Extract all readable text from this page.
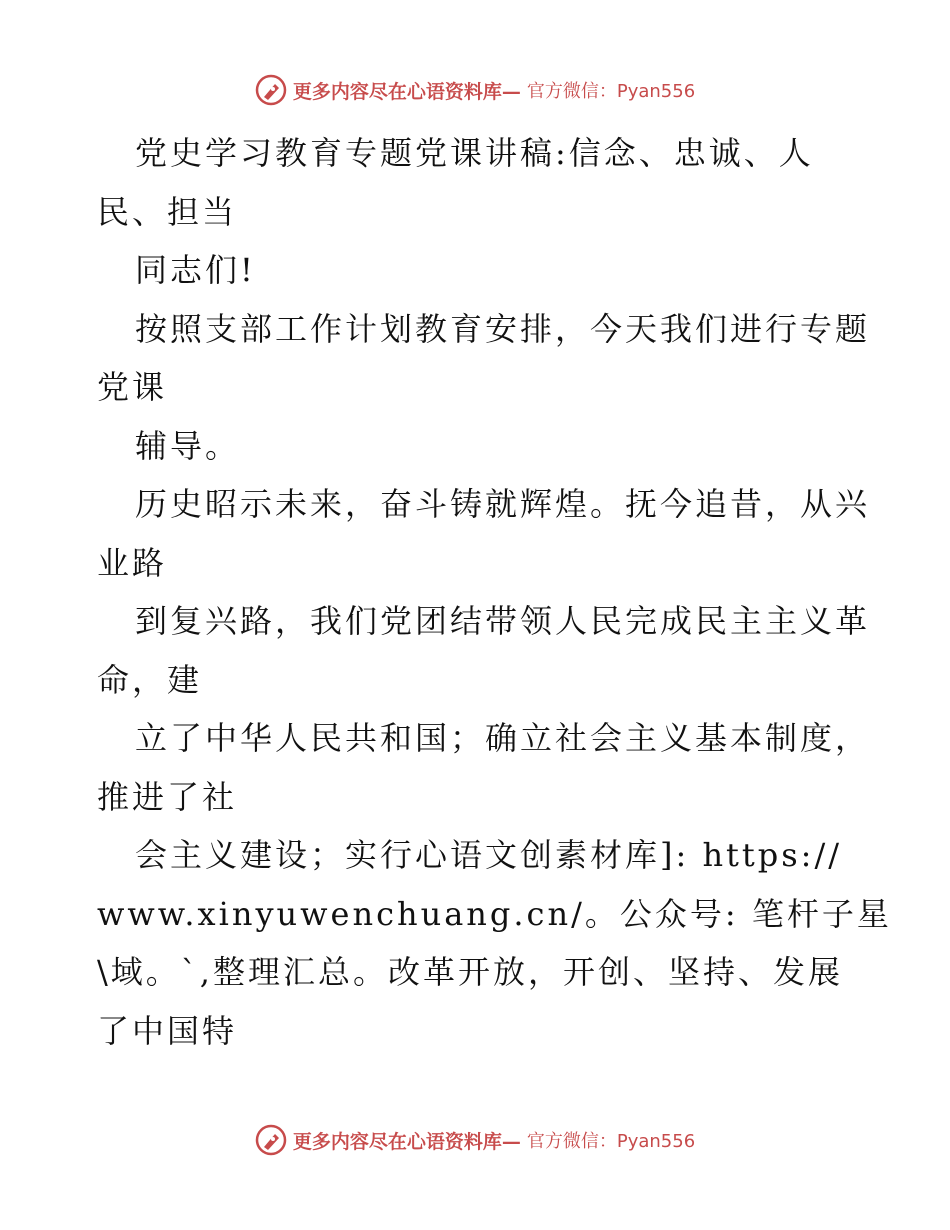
更多内容尽在心语资料库— 官方微信：Pyan556
党史学习教育专题党课讲稿:信念、忠诚、人
民、担当
同志们!
按照支部工作计划教育安排，今天我们进行专题
党课
辅导。
历史昭示未来，奋斗铸就辉煌。抚今追昔，从兴
业路
到复兴路，我们党团结带领人民完成民主主义革
命，建
立了中华人民共和国；确立社会主义基本制度，
推进了社
会主义建设；实行心语文创素材库]: https://
www.xinyuwenchuang.cn/。公众号: 笔杆子星
\域。`,整理汇总。改革开放，开创、坚持、发展
了中国特
更多内容尽在心语资料库— 官方微信：Pyan556
